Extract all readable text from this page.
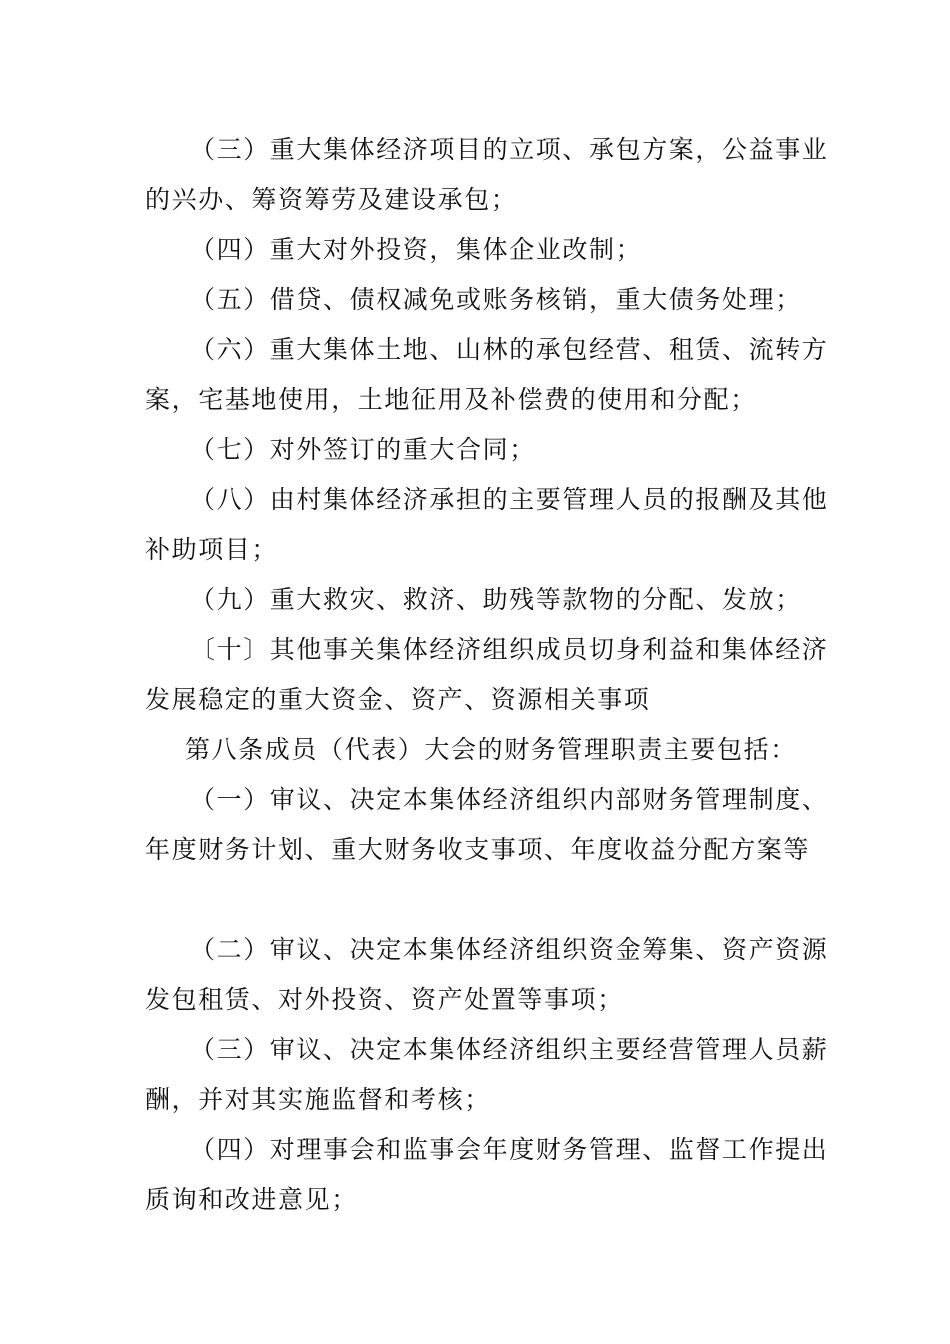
（三）重大集体经济项目的立项、承包方案，公益事业
的兴办、筹资筹劳及建设承包；
（四）重大对外投资，集体企业改制；
（五）借贷、债权减免或账务核销，重大债务处理；
（六）重大集体土地、山林的承包经营、租赁、流转方
案，宅基地使用，土地征用及补偿费的使用和分配；
（七）对外签订的重大合同；
（八）由村集体经济承担的主要管理人员的报酬及其他
补助项目；
（九）重大救灾、救济、助残等款物的分配、发放；
〔十〕其他事关集体经济组织成员切身利益和集体经济
发展稳定的重大资金、资产、资源相关事项
第八条成员（代表）大会的财务管理职责主要包括：
（一）审议、决定本集体经济组织内部财务管理制度、
年度财务计划、重大财务收支事项、年度收益分配方案等
（二）审议、决定本集体经济组织资金筹集、资产资源
发包租赁、对外投资、资产处置等事项；
（三）审议、决定本集体经济组织主要经营管理人员薪
酬，并对其实施监督和考核；
（四）对理事会和监事会年度财务管理、监督工作提出
质询和改进意见；
